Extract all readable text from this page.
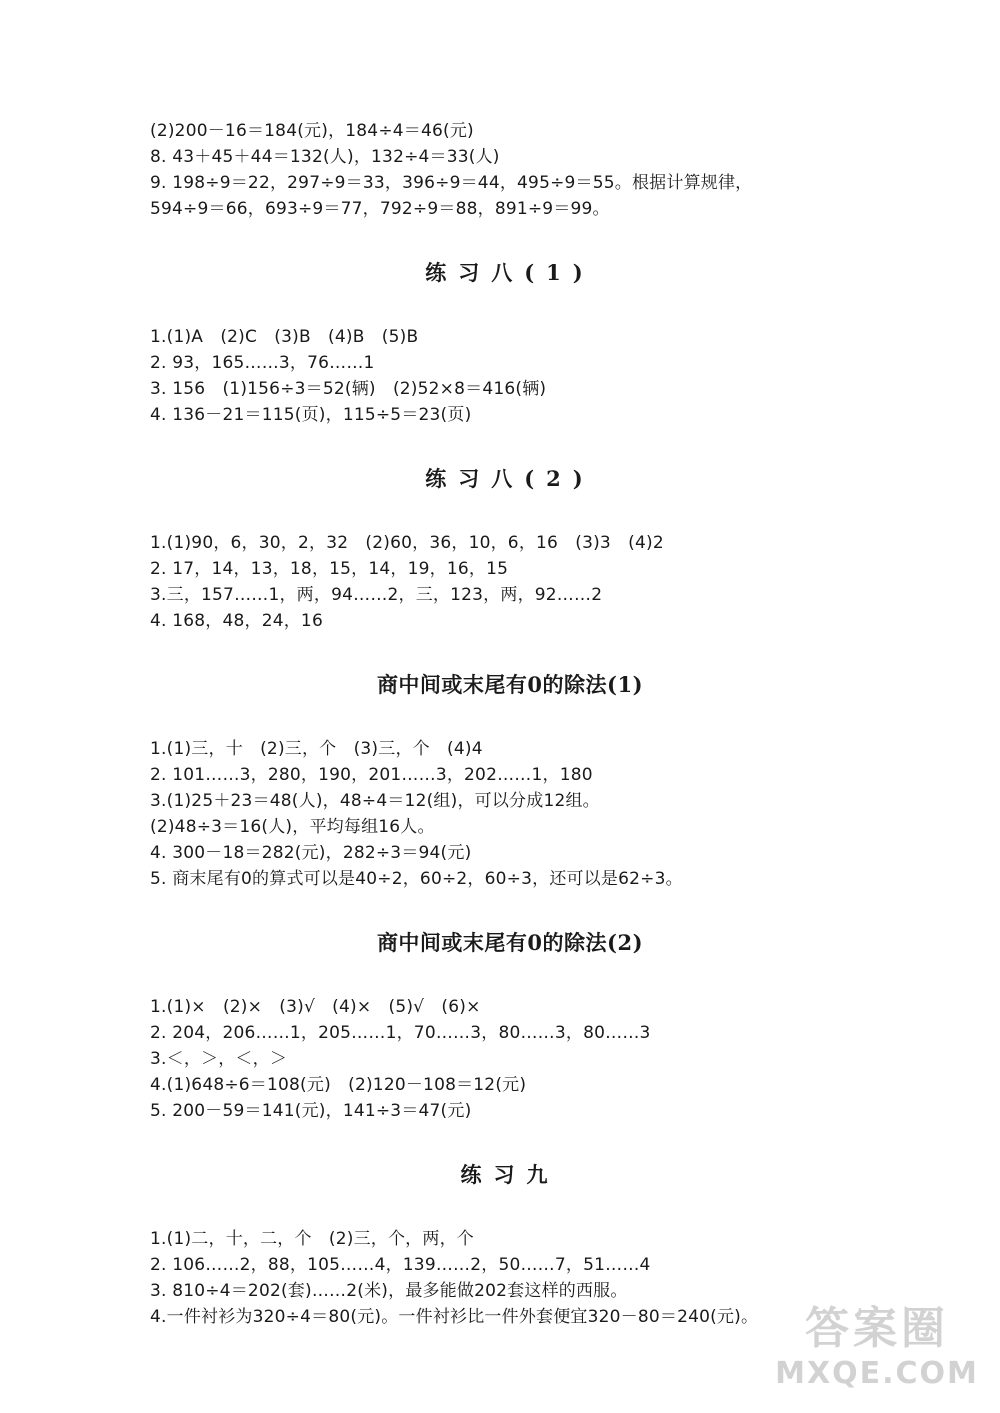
(2)200－16＝184(元)，184÷4＝46(元)
8. 43＋45＋44＝132(人)，132÷4＝33(人)
9. 198÷9＝22，297÷9＝33，396÷9＝44，495÷9＝55。根据计算规律，
594÷9＝66，693÷9＝77，792÷9＝88，891÷9＝99。
练习八(1)
1.(1)A　(2)C　(3)B　(4)B　(5)B
2. 93，165……3，76……1
3. 156　(1)156÷3＝52(辆)　(2)52×8＝416(辆)
4. 136－21＝115(页)，115÷5＝23(页)
练习八(2)
1.(1)90，6，30，2，32　(2)60，36，10，6，16　(3)3　(4)2
2. 17，14，13，18，15，14，19，16，15
3.三，157……1，两，94……2，三，123，两，92……2
4. 168，48，24，16
商中间或末尾有0的除法(1)
1.(1)三，十　(2)三，个　(3)三，个　(4)4
2. 101……3，280，190，201……3，202……1，180
3.(1)25＋23＝48(人)，48÷4＝12(组)，可以分成12组。
(2)48÷3＝16(人)，平均每组16人。
4. 300－18＝282(元)，282÷3＝94(元)
5. 商末尾有0的算式可以是40÷2，60÷2，60÷3，还可以是62÷3。
商中间或末尾有0的除法(2)
1.(1)×　(2)×　(3)√　(4)×　(5)√　(6)×
2. 204，206……1，205……1，70……3，80……3，80……3
3.＜，＞，＜，＞
4.(1)648÷6＝108(元)　(2)120－108＝12(元)
5. 200－59＝141(元)，141÷3＝47(元)
练习九
1.(1)二，十，二，个　(2)三，个，两，个
2. 106……2，88，105……4，139……2，50……7，51……4
3. 810÷4＝202(套)……2(米)，最多能做202套这样的西服。
4.一件衬衫为320÷4＝80(元)。一件衬衫比一件外套便宜320－80＝240(元)。	答案圈
MXQE.COM
